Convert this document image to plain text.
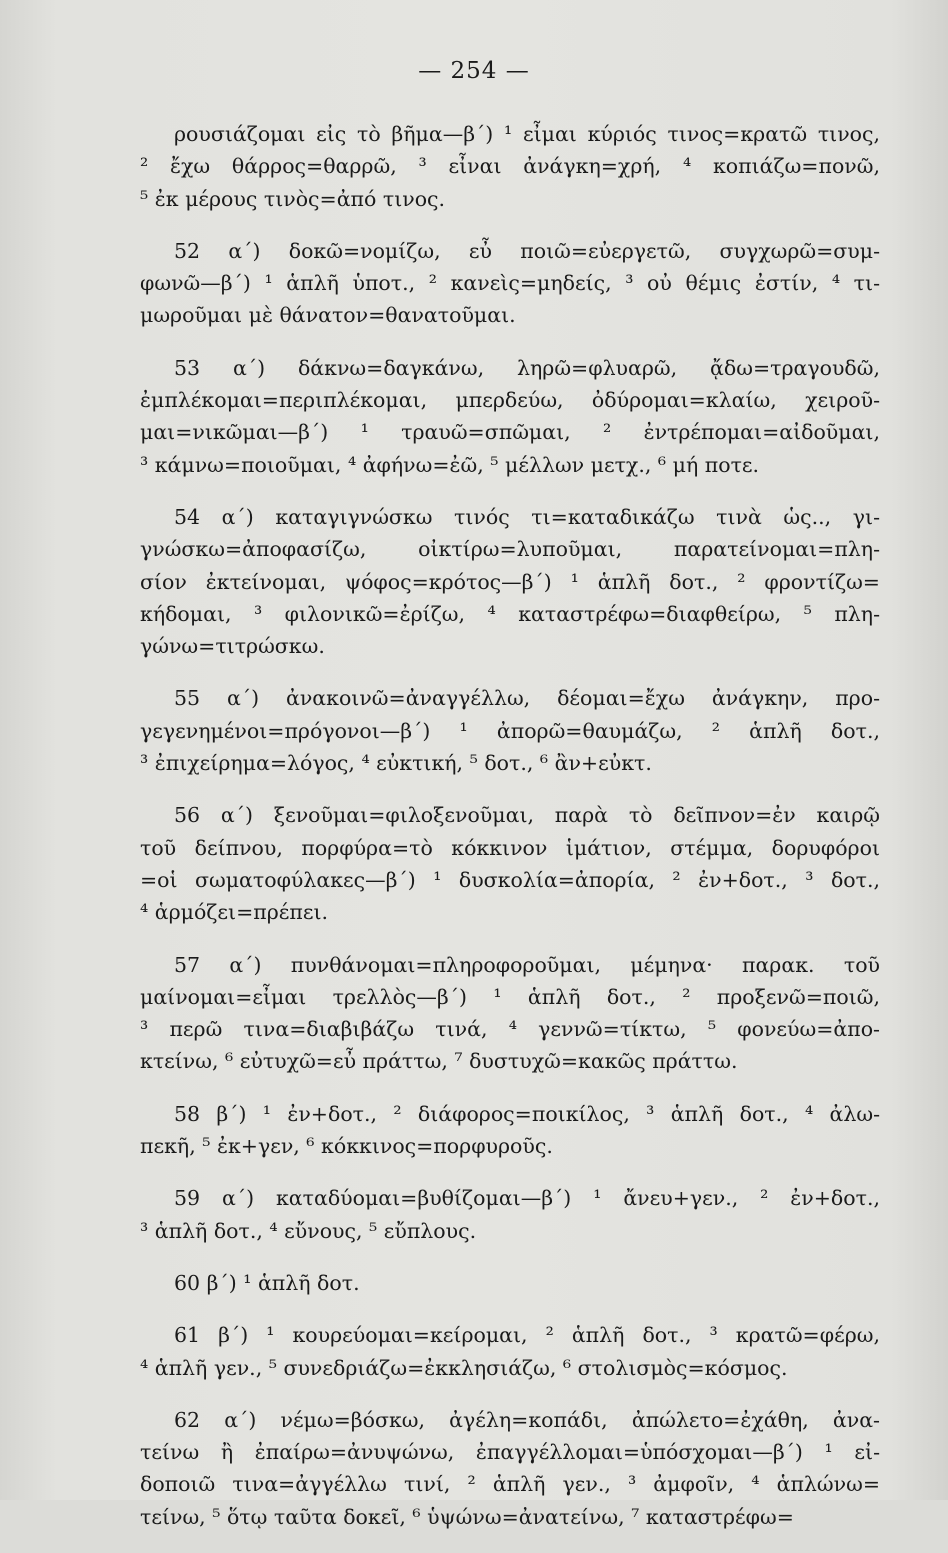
— 254 —
ρουσιάζομαι εἰς τὸ βῆμα—β΄) ¹ εἶμαι κύριός τινος=κρατῶ τινος,
² ἔχω θάρρος=θαρρῶ, ³ εἶναι ἀνάγκη=χρή, ⁴ κοπιάζω=πονῶ,
⁵ ἐκ μέρους τινὸς=ἀπό τινος.
52 α΄) δοκῶ=νομίζω, εὖ ποιῶ=εὐεργετῶ, συγχωρῶ=συμ-
φωνῶ—β΄) ¹ ἁπλῆ ὑποτ., ² κανεὶς=μηδείς, ³ οὐ θέμις ἐστίν, ⁴ τι-
μωροῦμαι μὲ θάνατον=θανατοῦμαι.
53 α΄) δάκνω=δαγκάνω, ληρῶ=φλυαρῶ, ᾄδω=τραγουδῶ,
ἐμπλέκομαι=περιπλέκομαι, μπερδεύω, ὀδύρομαι=κλαίω, χειροῦ-
μαι=νικῶμαι—β΄) ¹ τραυῶ=σπῶμαι, ² ἐντρέπομαι=αἰδοῦμαι,
³ κάμνω=ποιοῦμαι, ⁴ ἀφήνω=ἐῶ, ⁵ μέλλων μετχ., ⁶ μή ποτε.
54 α΄) καταγιγνώσκω τινός τι=καταδικάζω τινὰ ὡς.., γι-
γνώσκω=ἀποφασίζω, οἰκτίρω=λυποῦμαι, παρατείνομαι=πλη-
σίον ἐκτείνομαι, ψόφος=κρότος—β΄) ¹ ἁπλῆ δοτ., ² φροντίζω=
κήδομαι, ³ φιλονικῶ=ἐρίζω, ⁴ καταστρέφω=διαφθείρω, ⁵ πλη-
γώνω=τιτρώσκω.
55 α΄) ἀνακοινῶ=ἀναγγέλλω, δέομαι=ἔχω ἀνάγκην, προ-
γεγενημένοι=πρόγονοι—β΄) ¹ ἀπορῶ=θαυμάζω, ² ἁπλῆ δοτ.,
³ ἐπιχείρημα=λόγος, ⁴ εὐκτική, ⁵ δοτ., ⁶ ἂν+εὐκτ.
56 α΄) ξενοῦμαι=φιλοξενοῦμαι, παρὰ τὸ δεῖπνον=ἐν καιρῷ
τοῦ δείπνου, πορφύρα=τὸ κόκκινον ἱμάτιον, στέμμα, δορυφόροι
=οἱ σωματοφύλακες—β΄) ¹ δυσκολία=ἀπορία, ² ἐν+δοτ., ³ δοτ.,
⁴ ἁρμόζει=πρέπει.
57 α΄) πυνθάνομαι=πληροφοροῦμαι, μέμηνα· παρακ. τοῦ
μαίνομαι=εἶμαι τρελλὸς—β΄) ¹ ἁπλῆ δοτ., ² προξενῶ=ποιῶ,
³ περῶ τινα=διαβιβάζω τινά, ⁴ γεννῶ=τίκτω, ⁵ φονεύω=ἀπο-
κτείνω, ⁶ εὐτυχῶ=εὖ πράττω, ⁷ δυστυχῶ=κακῶς πράττω.
58 β΄) ¹ ἐν+δοτ., ² διάφορος=ποικίλος, ³ ἁπλῆ δοτ., ⁴ ἀλω-
πεκῆ, ⁵ ἐκ+γεν, ⁶ κόκκινος=πορφυροῦς.
59 α΄) καταδύομαι=βυθίζομαι—β΄) ¹ ἄνευ+γεν., ² ἐν+δοτ.,
³ ἁπλῆ δοτ., ⁴ εὔνους, ⁵ εὔπλους.
60 β΄) ¹ ἁπλῆ δοτ.
61 β΄) ¹ κουρεύομαι=κείρομαι, ² ἁπλῆ δοτ., ³ κρατῶ=φέρω,
⁴ ἁπλῆ γεν., ⁵ συνεδριάζω=ἐκκλησιάζω, ⁶ στολισμὸς=κόσμος.
62 α΄) νέμω=βόσκω, ἀγέλη=κοπάδι, ἀπώλετο=ἐχάθη, ἀνα-
τείνω ἢ ἐπαίρω=ἀνυψώνω, ἐπαγγέλλομαι=ὑπόσχομαι—β΄) ¹ εἰ-
δοποιῶ τινα=ἀγγέλλω τινί, ² ἁπλῆ γεν., ³ ἀμφοῖν, ⁴ ἁπλώνω=
τείνω, ⁵ ὅτῳ ταῦτα δοκεῖ, ⁶ ὑψώνω=ἀνατείνω, ⁷ καταστρέφω=
